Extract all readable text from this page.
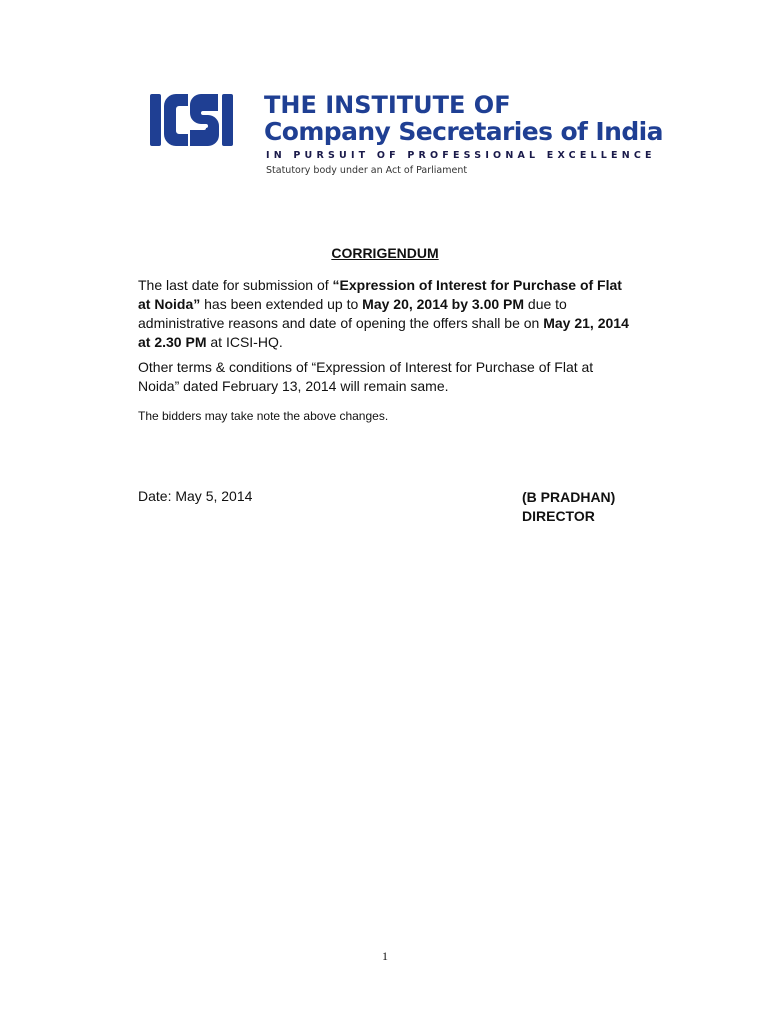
THE INSTITUTE OF
Company Secretaries of India
IN PURSUIT OF PROFESSIONAL EXCELLENCE
Statutory body under an Act of Parliament
CORRIGENDUM
The last date for submission of “Expression of Interest for Purchase of Flat at Noida” has been extended up to May 20, 2014 by 3.00 PM due to administrative reasons and date of opening the offers shall be on May 21, 2014 at 2.30 PM at ICSI-HQ.
Other terms & conditions of “Expression of Interest for Purchase of Flat at Noida” dated February 13, 2014 will remain same.
The bidders may take note the above changes.
Date: May 5, 2014	(B PRADHAN)
DIRECTOR
1
